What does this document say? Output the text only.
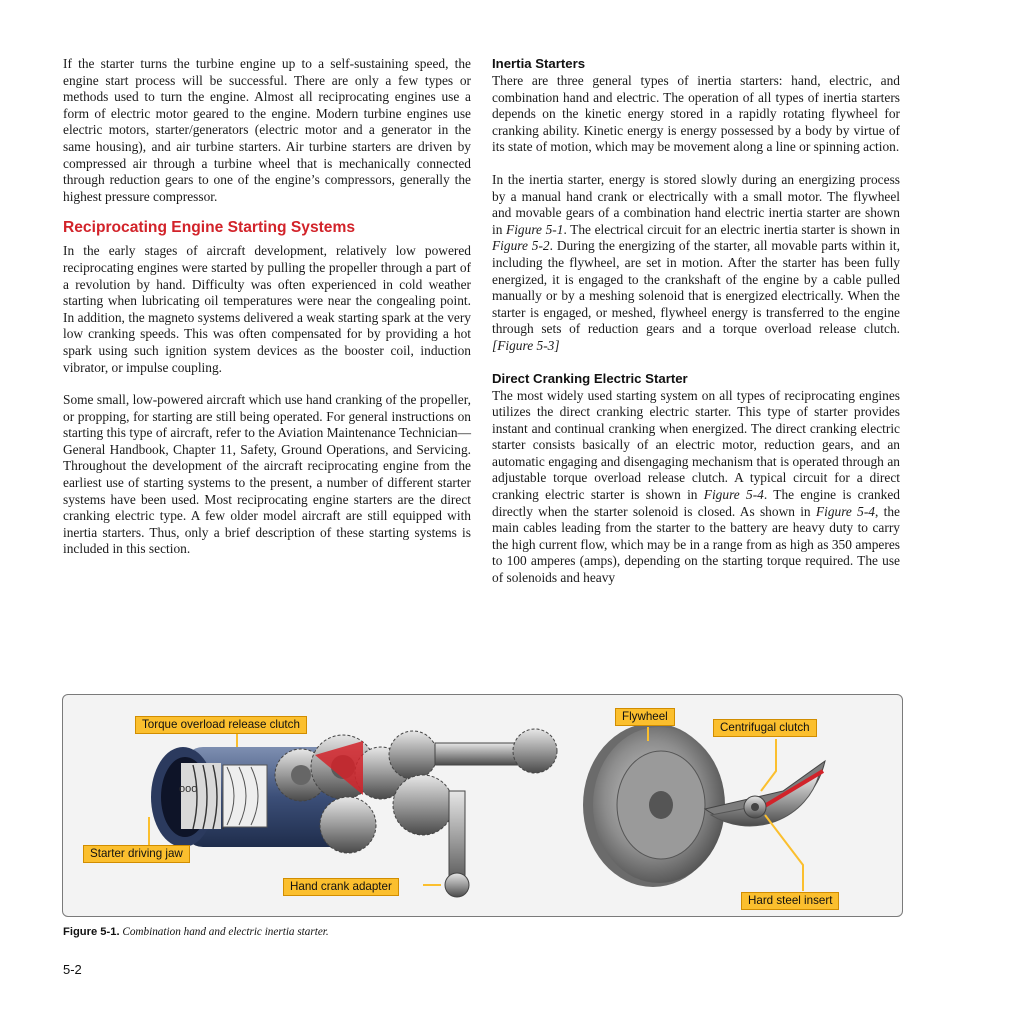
If the starter turns the turbine engine up to a self-sustaining speed, the engine start process will be successful. There are only a few types or methods used to turn the engine. Almost all reciprocating engines use a form of electric motor geared to the engine. Modern turbine engines use electric motors, starter/generators (electric motor and a generator in the same housing), and air turbine starters. Air turbine starters are driven by compressed air through a turbine wheel that is mechanically connected through reduction gears to one of the engine’s compressors, generally the highest pressure compressor.

Reciprocating Engine Starting Systems

In the early stages of aircraft development, relatively low powered reciprocating engines were started by pulling the propeller through a part of a revolution by hand. Difficulty was often experienced in cold weather starting when lubricating oil temperatures were near the congealing point. In addition, the magneto systems delivered a weak starting spark at the very low cranking speeds. This was often compensated for by providing a hot spark using such ignition system devices as the booster coil, induction vibrator, or impulse coupling.

Some small, low-powered aircraft which use hand cranking of the propeller, or propping, for starting are still being operated. For general instructions on starting this type of aircraft, refer to the Aviation Maintenance Technician—General Handbook, Chapter 11, Safety, Ground Operations, and Servicing. Throughout the development of the aircraft reciprocating engine from the earliest use of starting systems to the present, a number of different starter systems have been used. Most reciprocating engine starters are the direct cranking electric type. A few older model aircraft are still equipped with inertia starters. Thus, only a brief description of these starting systems is included in this section.

Inertia Starters

There are three general types of inertia starters: hand, electric, and combination hand and electric. The operation of all types of inertia starters depends on the kinetic energy stored in a rapidly rotating flywheel for cranking ability. Kinetic energy is energy possessed by a body by virtue of its state of motion, which may be movement along a line or spinning action.

In the inertia starter, energy is stored slowly during an energizing process by a manual hand crank or electrically with a small motor. The flywheel and movable gears of a combination hand electric inertia starter are shown in Figure 5-1. The electrical circuit for an electric inertia starter is shown in Figure 5-2. During the energizing of the starter, all movable parts within it, including the flywheel, are set in motion. After the starter has been fully energized, it is engaged to the crankshaft of the engine by a cable pulled manually or by a meshing solenoid that is energized electrically. When the starter is engaged, or meshed, flywheel energy is transferred to the engine through sets of reduction gears and a torque overload release clutch. [Figure 5-3]

Direct Cranking Electric Starter

The most widely used starting system on all types of reciprocating engines utilizes the direct cranking electric starter. This type of starter provides instant and continual cranking when energized. The direct cranking electric starter consists basically of an electric motor, reduction gears, and an automatic engaging and disengaging mechanism that is operated through an adjustable torque overload release clutch. A typical circuit for a direct cranking electric starter is shown in Figure 5-4. The engine is cranked directly when the starter solenoid is closed. As shown in Figure 5-4, the main cables leading from the starter to the battery are heavy duty to carry the high current flow, which may be in a range from as high as 350 amperes to 100 amperes (amps), depending on the starting torque required. The use of solenoids and heavy

ooo
Torque overload release clutch
Flywheel
Centrifugal clutch
Starter driving jaw
Hand crank adapter
Hard steel insert
Figure 5-1. Combination hand and electric inertia starter.
5-2
